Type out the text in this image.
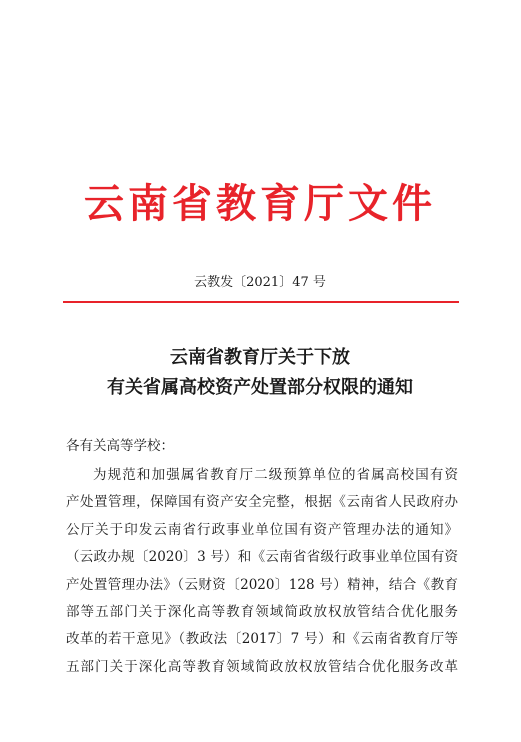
云南省教育厅文件
云教发〔2021〕47 号
云南省教育厅关于下放
有关省属高校资产处置部分权限的通知
各有关高等学校：
为规范和加强属省教育厅二级预算单位的省属高校国有资
产处置管理，保障国有资产安全完整，根据《云南省人民政府办
公厅关于印发云南省行政事业单位国有资产管理办法的通知》
（云政办规〔2020〕3 号）和《云南省省级行政事业单位国有资
产处置管理办法》（云财资〔2020〕128 号）精神，结合《教育
部等五部门关于深化高等教育领域简政放权放管结合优化服务
改革的若干意见》（教政法〔2017〕7 号）和《云南省教育厅等
五部门关于深化高等教育领域简政放权放管结合优化服务改革
